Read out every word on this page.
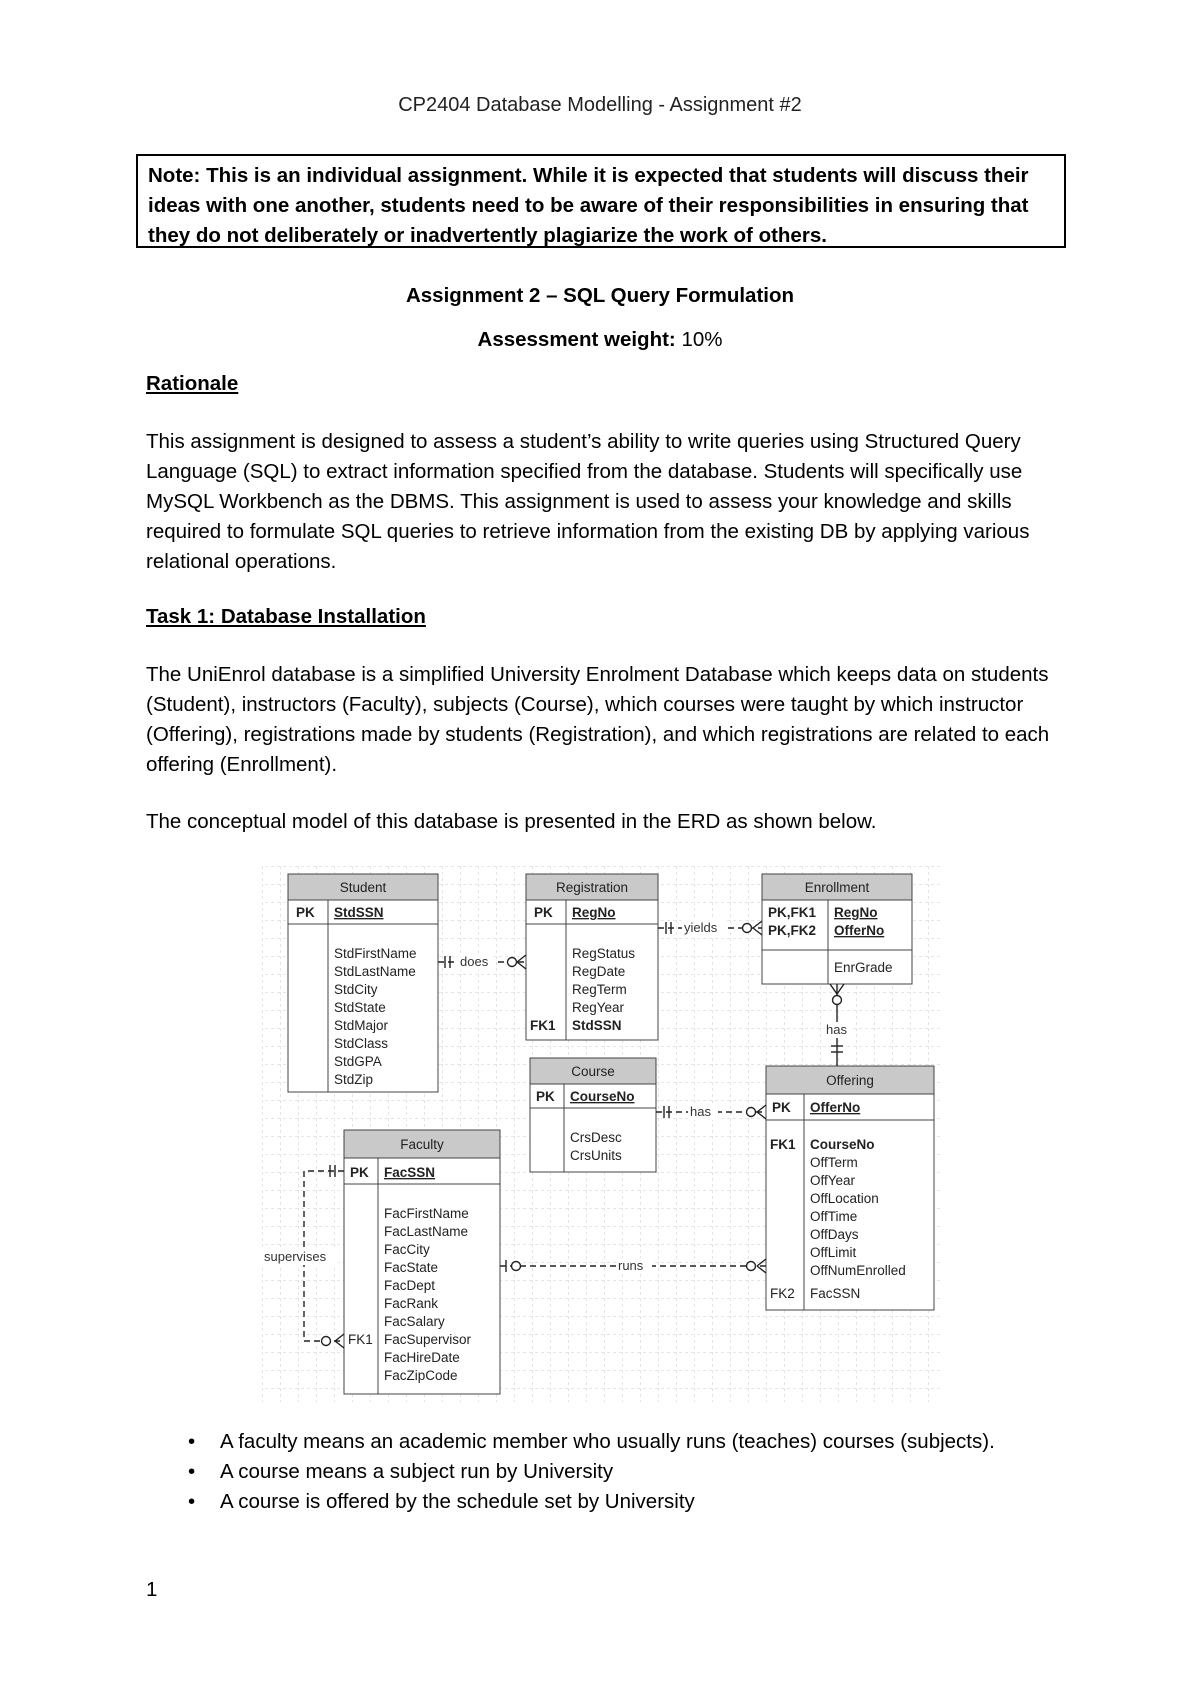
CP2404 Database Modelling - Assignment #2
Note: This is an individual assignment. While it is expected that students will discuss their ideas with one another, students need to be aware of their responsibilities in ensuring that they do not deliberately or inadvertently plagiarize the work of others.
Assignment 2 – SQL Query Formulation
Assessment weight: 10%
Rationale
This assignment is designed to assess a student’s ability to write queries using Structured Query Language (SQL) to extract information specified from the database. Students will specifically use MySQL Workbench as the DBMS. This assignment is used to assess your knowledge and skills required to formulate SQL queries to retrieve information from the existing DB by applying various relational operations.
Task 1: Database Installation
The UniEnrol database is a simplified University Enrolment Database which keeps data on students (Student), instructors (Faculty), subjects (Course), which courses were taught by which instructor (Offering), registrations made by students (Registration), and which registrations are related to each offering (Enrollment).
The conceptual model of this database is presented in the ERD as shown below.
Student
PK StdSSN
StdFirstName
StdLastName
StdCity
StdState
StdMajor
StdClass
StdGPA
StdZip
Registration
PK RegNo
RegStatus
RegDate
RegTerm
RegYear
FK1 StdSSN
Enrollment
PK,FK1 RegNo
PK,FK2 OfferNo
EnrGrade
Course
PK CourseNo
CrsDesc
CrsUnits
Offering
PK OfferNo
FK1 CourseNo
OffTerm
OffYear
OffLocation
OffTime
OffDays
OffLimit
OffNumEnrolled
FK2 FacSSN
Faculty
PK FacSSN
FacFirstName
FacLastName
FacCity
FacState
FacDept
FacRank
FacSalary
FK1 FacSupervisor
FacHireDate
FacZipCode
does
yields
has
has
runs
supervises
• A faculty means an academic member who usually runs (teaches) courses (subjects).
• A course means a subject run by University
• A course is offered by the schedule set by University
1
